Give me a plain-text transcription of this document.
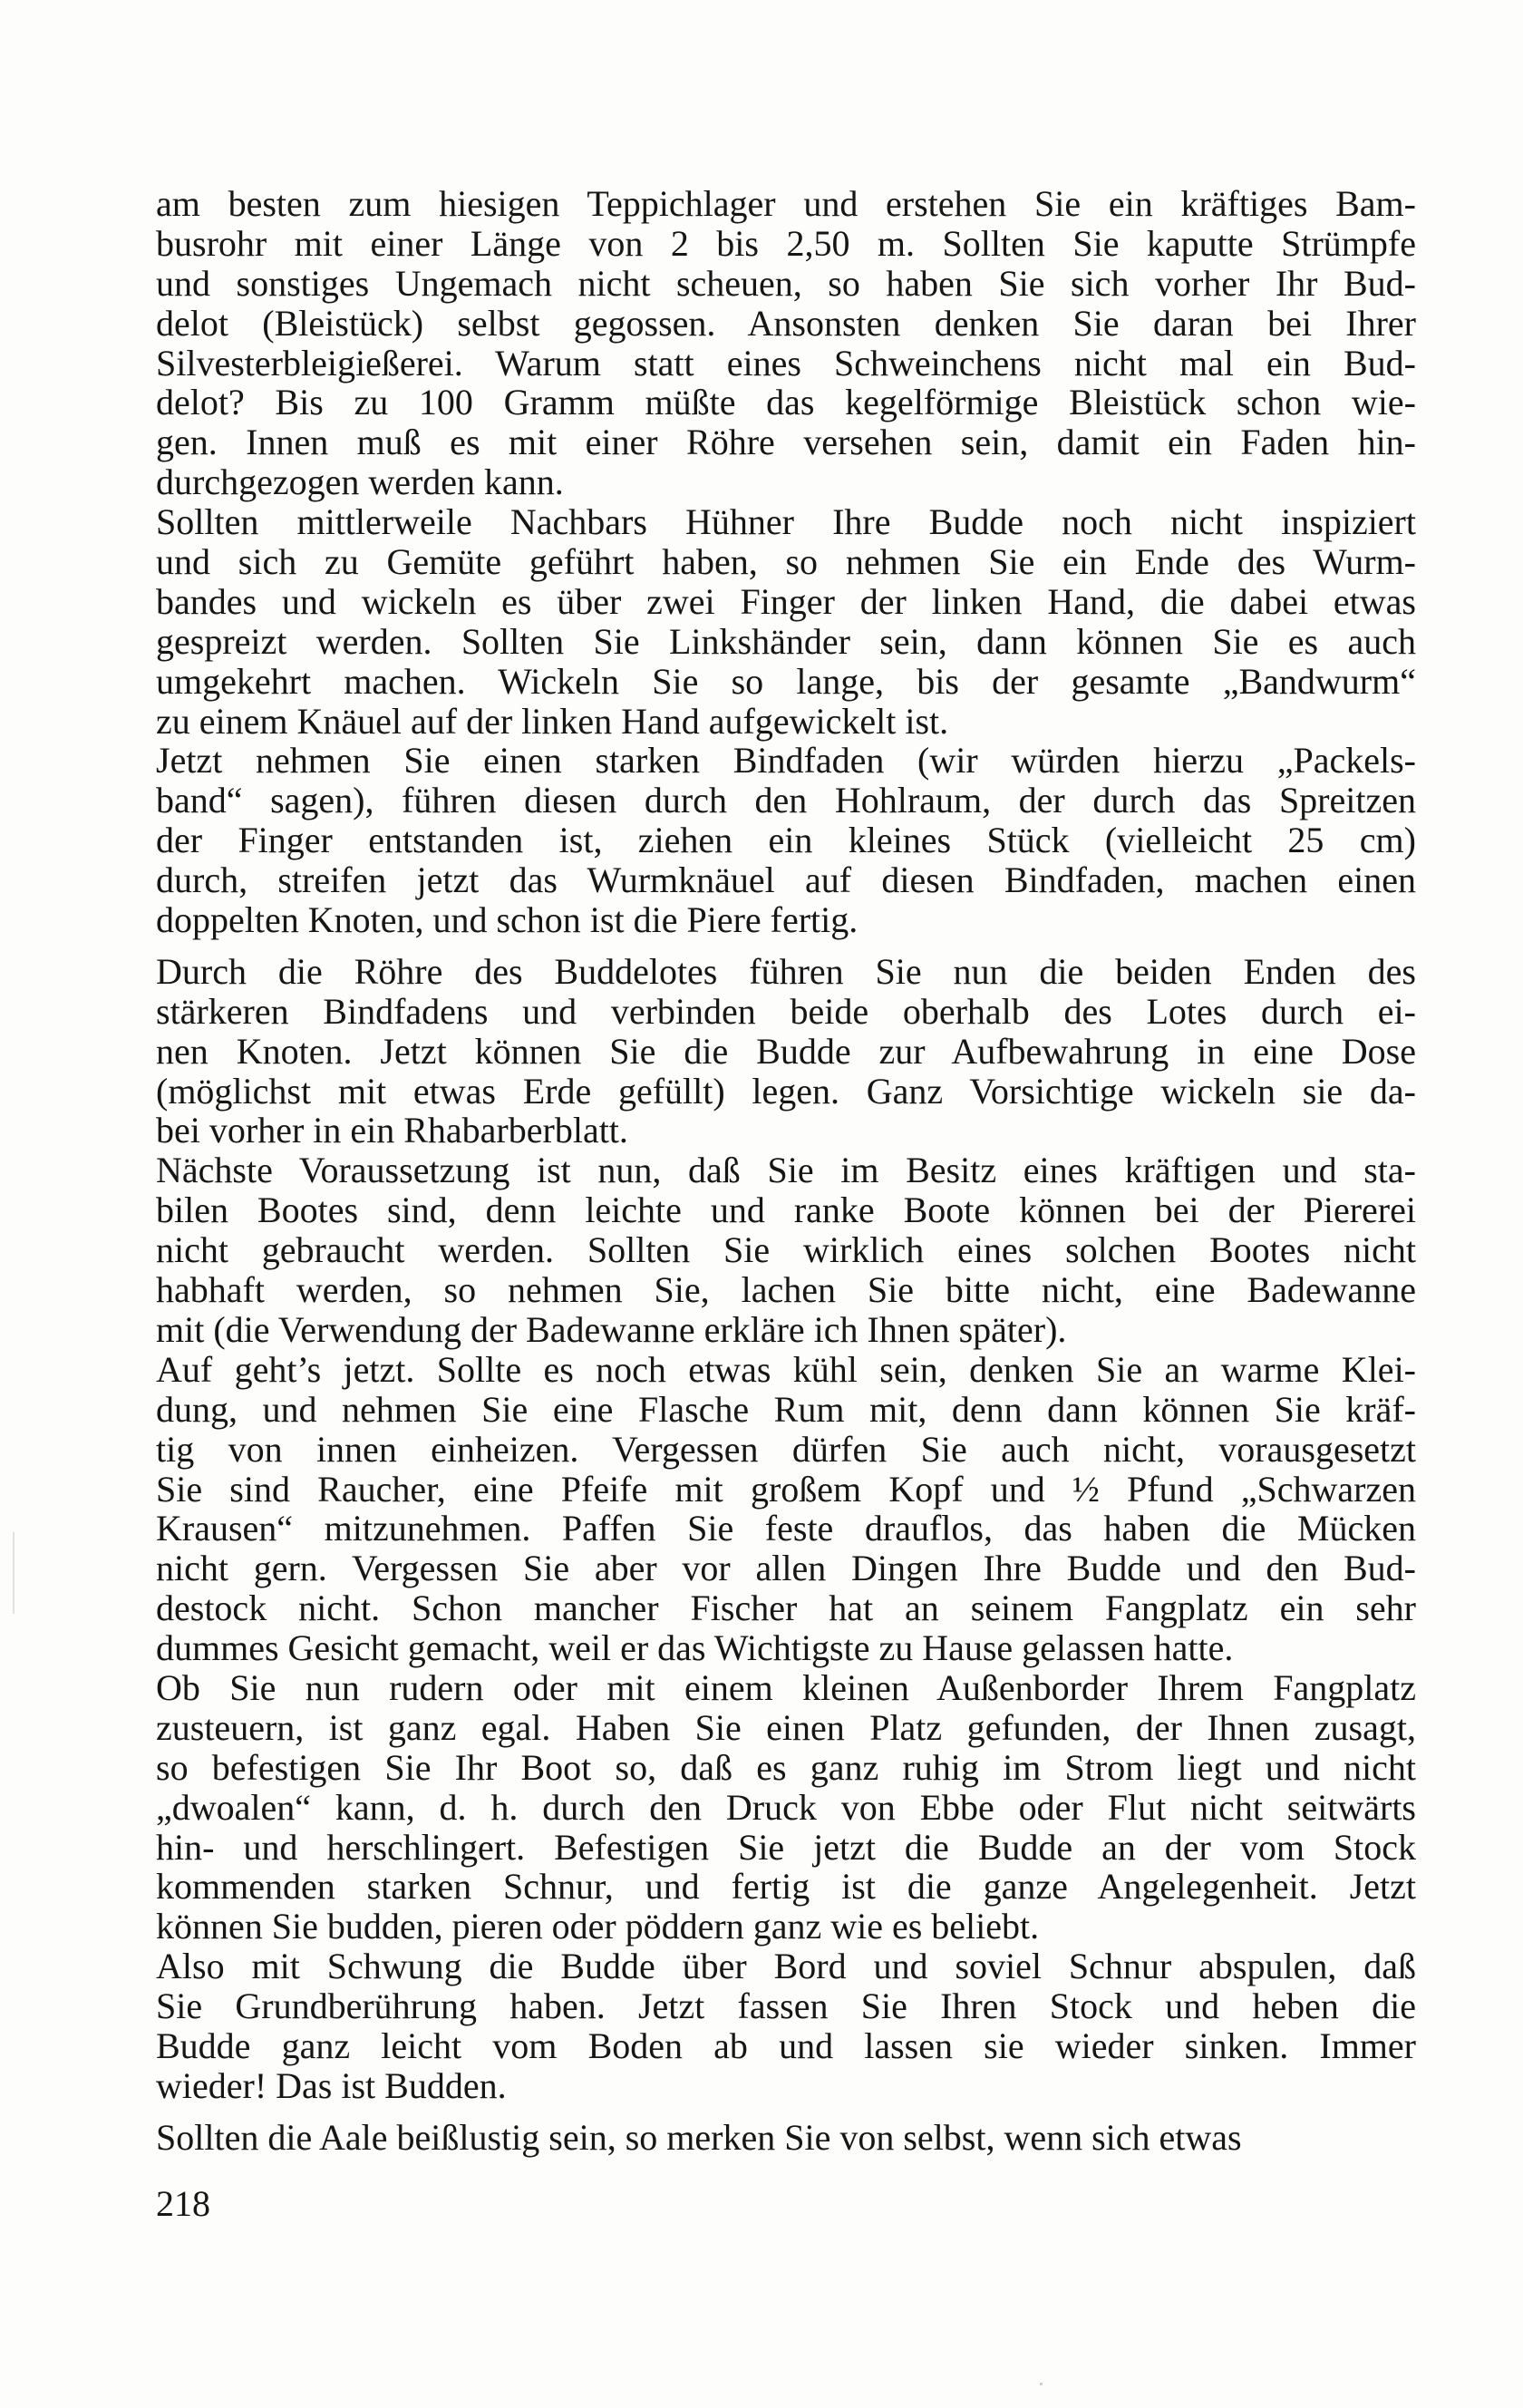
am besten zum hiesigen Teppichlager und erstehen Sie ein kräftiges Bam-
busrohr mit einer Länge von 2 bis 2,50 m. Sollten Sie kaputte Strümpfe
und sonstiges Ungemach nicht scheuen, so haben Sie sich vorher Ihr Bud-
delot (Bleistück) selbst gegossen. Ansonsten denken Sie daran bei Ihrer
Silvesterbleigießerei. Warum statt eines Schweinchens nicht mal ein Bud-
delot? Bis zu 100 Gramm müßte das kegelförmige Bleistück schon wie-
gen. Innen muß es mit einer Röhre versehen sein, damit ein Faden hin-
durchgezogen werden kann.
Sollten mittlerweile Nachbars Hühner Ihre Budde noch nicht inspiziert
und sich zu Gemüte geführt haben, so nehmen Sie ein Ende des Wurm-
bandes und wickeln es über zwei Finger der linken Hand, die dabei etwas
gespreizt werden. Sollten Sie Linkshänder sein, dann können Sie es auch
umgekehrt machen. Wickeln Sie so lange, bis der gesamte „Bandwurm“
zu einem Knäuel auf der linken Hand aufgewickelt ist.
Jetzt nehmen Sie einen starken Bindfaden (wir würden hierzu „Packels-
band“ sagen), führen diesen durch den Hohlraum, der durch das Spreitzen
der Finger entstanden ist, ziehen ein kleines Stück (vielleicht 25 cm)
durch, streifen jetzt das Wurmknäuel auf diesen Bindfaden, machen einen
doppelten Knoten, und schon ist die Piere fertig.
Durch die Röhre des Buddelotes führen Sie nun die beiden Enden des
stärkeren Bindfadens und verbinden beide oberhalb des Lotes durch ei-
nen Knoten. Jetzt können Sie die Budde zur Aufbewahrung in eine Dose
(möglichst mit etwas Erde gefüllt) legen. Ganz Vorsichtige wickeln sie da-
bei vorher in ein Rhabarberblatt.
Nächste Voraussetzung ist nun, daß Sie im Besitz eines kräftigen und sta-
bilen Bootes sind, denn leichte und ranke Boote können bei der Piererei
nicht gebraucht werden. Sollten Sie wirklich eines solchen Bootes nicht
habhaft werden, so nehmen Sie, lachen Sie bitte nicht, eine Badewanne
mit (die Verwendung der Badewanne erkläre ich Ihnen später).
Auf geht’s jetzt. Sollte es noch etwas kühl sein, denken Sie an warme Klei-
dung, und nehmen Sie eine Flasche Rum mit, denn dann können Sie kräf-
tig von innen einheizen. Vergessen dürfen Sie auch nicht, vorausgesetzt
Sie sind Raucher, eine Pfeife mit großem Kopf und ½ Pfund „Schwarzen
Krausen“ mitzunehmen. Paffen Sie feste drauflos, das haben die Mücken
nicht gern. Vergessen Sie aber vor allen Dingen Ihre Budde und den Bud-
destock nicht. Schon mancher Fischer hat an seinem Fangplatz ein sehr
dummes Gesicht gemacht, weil er das Wichtigste zu Hause gelassen hatte.
Ob Sie nun rudern oder mit einem kleinen Außenborder Ihrem Fangplatz
zusteuern, ist ganz egal. Haben Sie einen Platz gefunden, der Ihnen zusagt,
so befestigen Sie Ihr Boot so, daß es ganz ruhig im Strom liegt und nicht
„dwoalen“ kann, d. h. durch den Druck von Ebbe oder Flut nicht seitwärts
hin- und herschlingert. Befestigen Sie jetzt die Budde an der vom Stock
kommenden starken Schnur, und fertig ist die ganze Angelegenheit. Jetzt
können Sie budden, pieren oder pöddern ganz wie es beliebt.
Also mit Schwung die Budde über Bord und soviel Schnur abspulen, daß
Sie Grundberührung haben. Jetzt fassen Sie Ihren Stock und heben die
Budde ganz leicht vom Boden ab und lassen sie wieder sinken. Immer
wieder! Das ist Budden.
Sollten die Aale beißlustig sein, so merken Sie von selbst, wenn sich etwas
218
